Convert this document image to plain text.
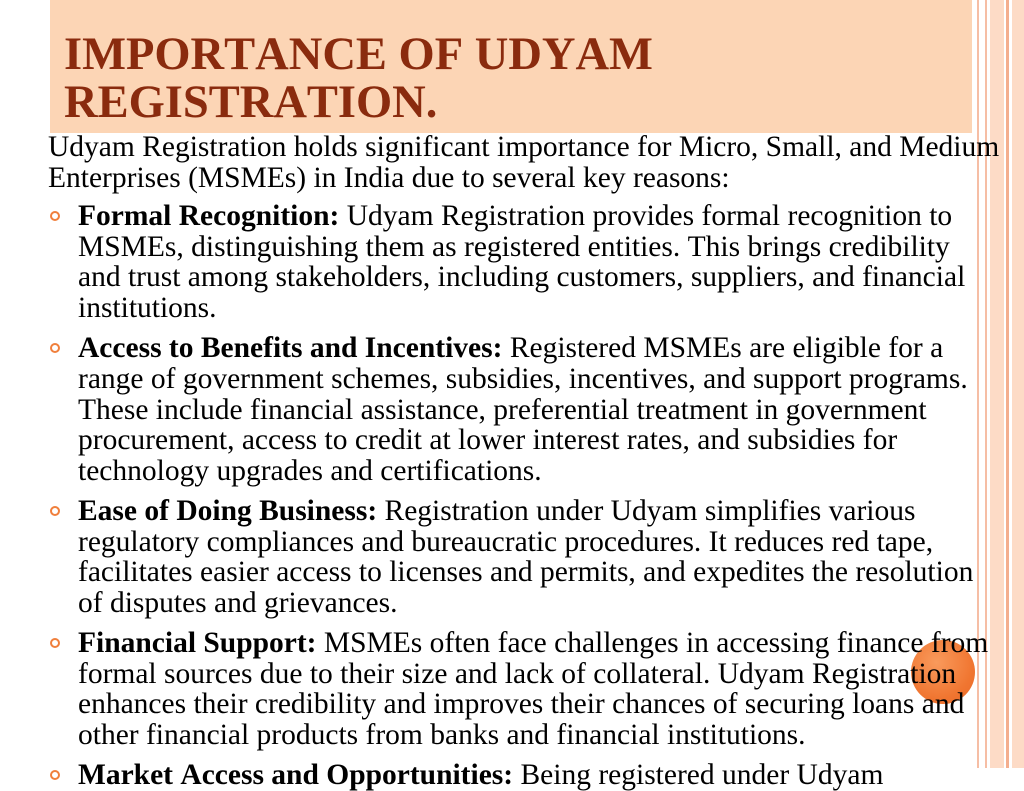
IMPORTANCE OF UDYAM REGISTRATION.

Udyam Registration holds significant importance for Micro, Small, and Medium Enterprises (MSMEs) in India due to several key reasons:

Formal Recognition: Udyam Registration provides formal recognition to MSMEs, distinguishing them as registered entities. This brings credibility and trust among stakeholders, including customers, suppliers, and financial institutions.
Access to Benefits and Incentives: Registered MSMEs are eligible for a range of government schemes, subsidies, incentives, and support programs. These include financial assistance, preferential treatment in government procurement, access to credit at lower interest rates, and subsidies for technology upgrades and certifications.
Ease of Doing Business: Registration under Udyam simplifies various regulatory compliances and bureaucratic procedures. It reduces red tape, facilitates easier access to licenses and permits, and expedites the resolution of disputes and grievances.
Financial Support: MSMEs often face challenges in accessing finance from formal sources due to their size and lack of collateral. Udyam Registration enhances their credibility and improves their chances of securing loans and other financial products from banks and financial institutions.
Market Access and Opportunities: Being registered under Udyam
